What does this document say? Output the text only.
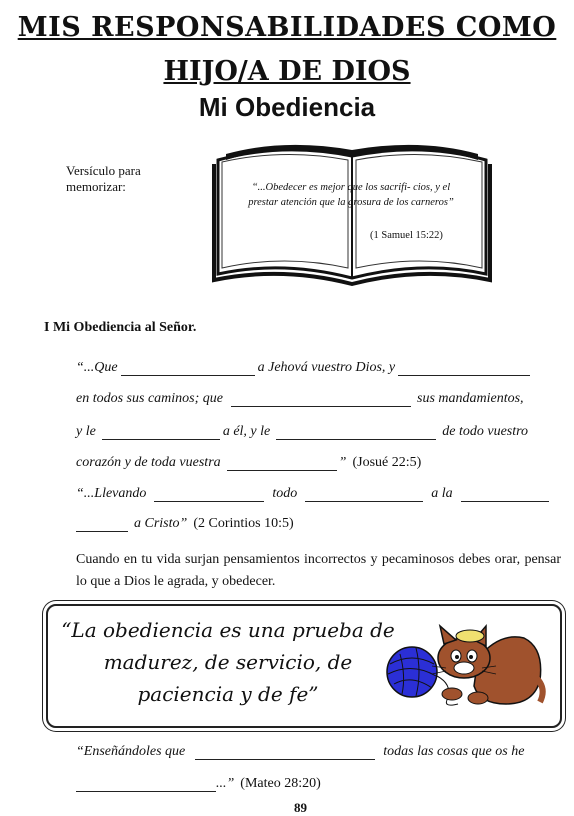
MIS RESPONSABILIDADES COMO
HIJO/A DE DIOS
Mi Obediencia
Versículo para memorizar:	“...Obedecer es mejor que los sacrifi- cios, y el prestar atención que la grosura de los carneros”
(1 Samuel 15:22)
I Mi Obediencia al Señor.
“...Que	a Jehová vuestro Dios, y
en todos sus caminos; que	sus mandamientos,
y le	a él, y le	de todo vuestro
corazón y de toda vuestra	” (Josué 22:5)
“...Llevando	todo	a la
a Cristo” (2 Corintios 10:5)
Cuando en tu vida surjan pensamientos incorrectos y pecaminosos debes orar, pensar lo que a Dios le agrada, y obedecer.
“La obediencia es una prueba de madurez, de servicio, de paciencia y de fe”
“Enseñándoles que	todas las cosas que os he
...” (Mateo 28:20)
89
